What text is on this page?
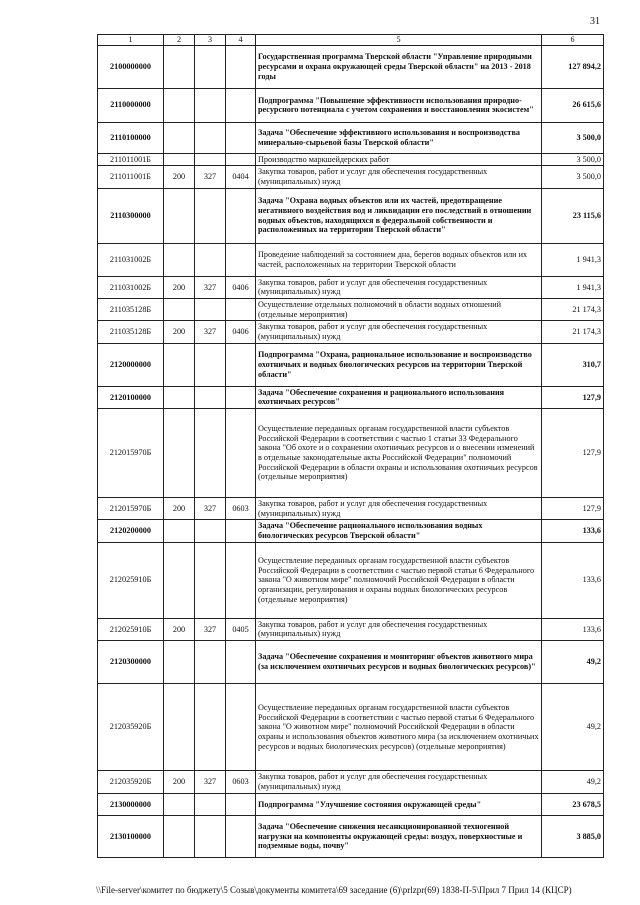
31
1	2	3	4	5	6
2100000000				Государственная программа Тверской области "Управление природными ресурсами и охрана окружающей среды Тверской области" на 2013 - 2018 годы	127 894,2
2110000000				Подпрограмма "Повышение эффективности использования природно-ресурсного потенциала с учетом сохранения и восстановления экосистем"	26 615,6
2110100000				Задача "Обеспечение эффективного использования и воспроизводства минерально-сырьевой базы Тверской области"	3 500,0
211011001Б				Производство маркшейдерских работ	3 500,0
211011001Б	200	327	0404	Закупка товаров, работ и услуг для обеспечения государственных (муниципальных) нужд	3 500,0
2110300000				Задача "Охрана водных объектов или их частей, предотвращение негативного воздействия вод и ликвидации его последствий в отношении водных объектов, находящихся в федеральной собственности и расположенных на территории Тверской области"	23 115,6
211031002Б				Проведение наблюдений за состоянием дна, берегов водных объектов или их частей, расположенных на территории Тверской области	1 941,3
211031002Б	200	327	0406	Закупка товаров, работ и услуг для обеспечения государственных (муниципальных) нужд	1 941,3
211035128Б				Осуществление отдельных полномочий в области водных отношений (отдельные мероприятия)	21 174,3
211035128Б	200	327	0406	Закупка товаров, работ и услуг для обеспечения государственных (муниципальных) нужд	21 174,3
2120000000				Подпрограмма "Охрана, рациональное использование и воспроизводство охотничьих и водных биологических ресурсов на территории Тверской области"	310,7
2120100000				Задача "Обеспечение сохранения и рационального использования охотничьих ресурсов"	127,9
212015970Б				Осуществление переданных органам государственной власти субъектов Российской Федерации в соответствии с частью 1 статьи 33 Федерального закона "Об охоте и о сохранении охотничьих ресурсов и о внесении изменений в отдельные законодательные акты Российской Федерации" полномочий Российской Федерации в области охраны и использования охотничьих ресурсов (отдельные мероприятия)	127,9
212015970Б	200	327	0603	Закупка товаров, работ и услуг для обеспечения государственных (муниципальных) нужд	127,9
2120200000				Задача "Обеспечение рационального использования водных биологических ресурсов Тверской области"	133,6
212025910Б				Осуществление переданных органам государственной власти субъектов Российской Федерации в соответствии с частью первой статьи 6 Федерального закона "О животном мире" полномочий Российской Федерации в области организации, регулирования и охраны водных биологических ресурсов (отдельные мероприятия)	133,6
212025910Б	200	327	0405	Закупка товаров, работ и услуг для обеспечения государственных (муниципальных) нужд	133,6
2120300000				Задача "Обеспечение сохранения и мониторинг объектов животного мира (за исключением охотничьих ресурсов и водных биологических ресурсов)"	49,2
212035920Б				Осуществление переданных органам государственной власти субъектов Российской Федерации в соответствии с частью первой статьи 6 Федерального закона "О животном мире" полномочий Российской Федерации в области охраны и использования объектов животного мира (за исключением охотничьих ресурсов и водных биологических ресурсов) (отдельные мероприятия)	49,2
212035920Б	200	327	0603	Закупка товаров, работ и услуг для обеспечения государственных (муниципальных) нужд	49,2
2130000000				Подпрограмма "Улучшение состояния окружающей среды"	23 678,5
2130100000				Задача "Обеспечение снижения несанкционированной техногенной нагрузки на компоненты окружающей среды: воздух, поверхностные и подземные воды, почву"	3 885,0
\\File-server\комитет по бюджету\5 Созыв\документы комитета\69 заседание (6)\prlzpr(69) 1838-П-5\Прил 7 Прил 14 (КЦСР)
